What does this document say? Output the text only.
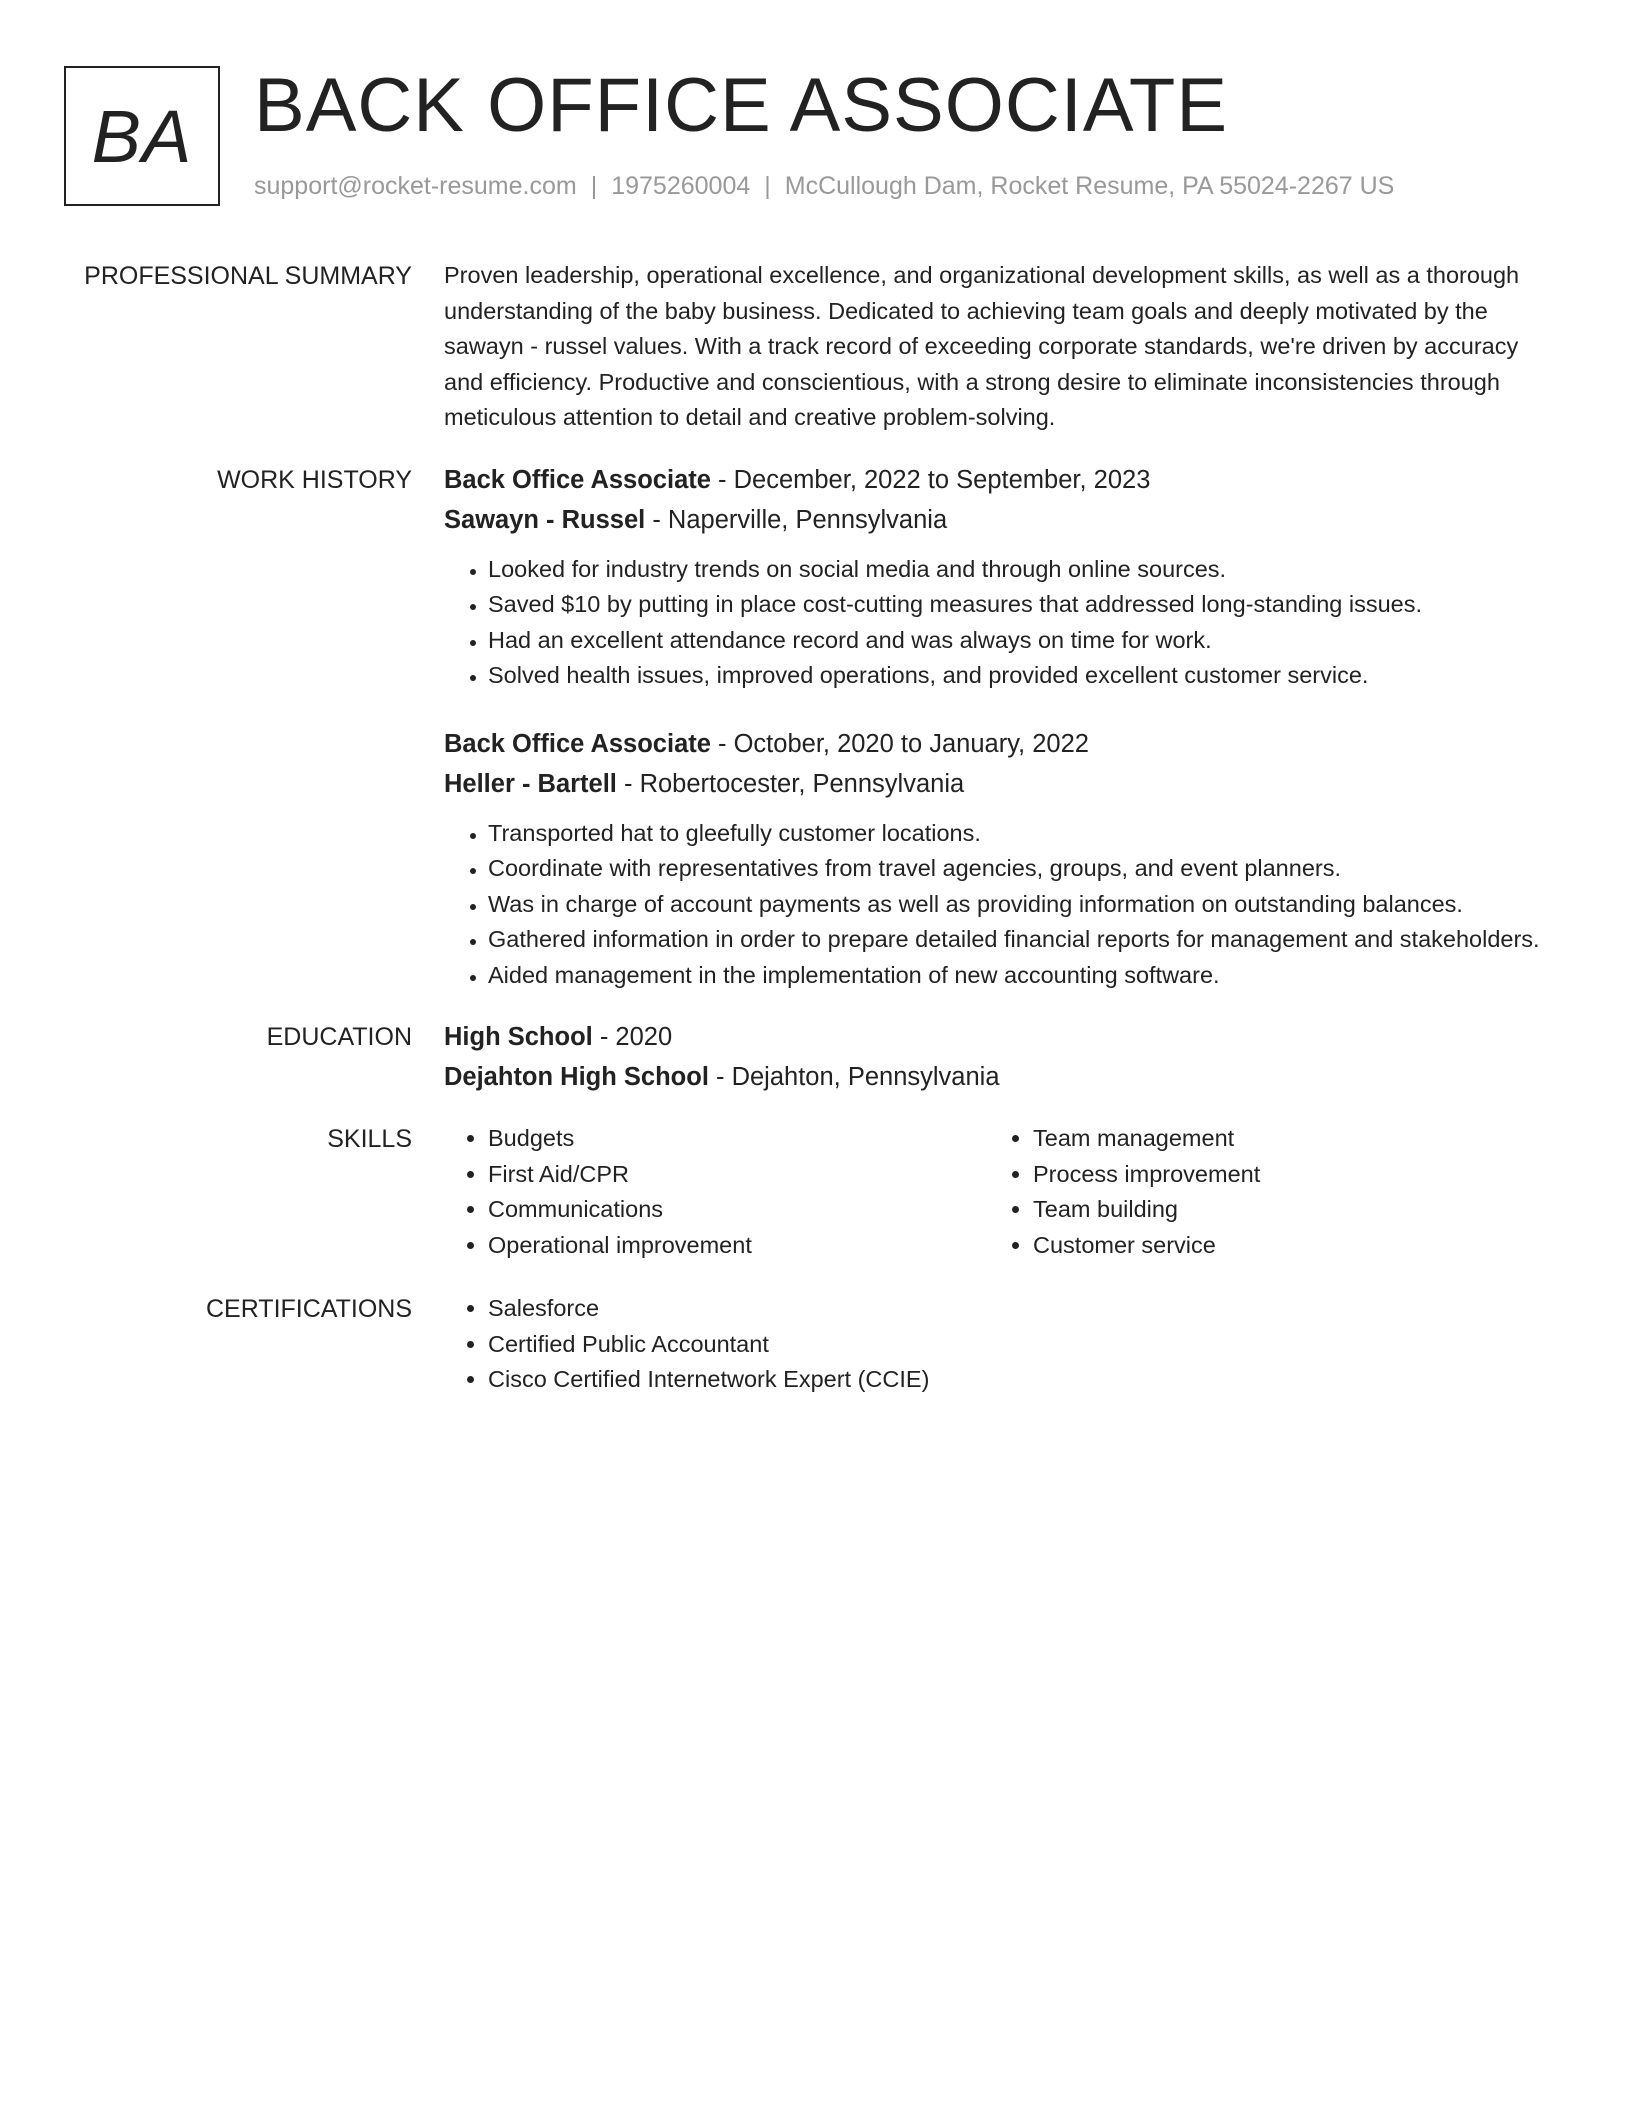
BA BACK OFFICE ASSOCIATE
support@rocket-resume.com | 1975260004 | McCullough Dam, Rocket Resume, PA 55024-2267 US
PROFESSIONAL SUMMARY Proven leadership, operational excellence, and organizational development skills, as well as a thorough understanding of the baby business. Dedicated to achieving team goals and deeply motivated by the sawayn - russel values. With a track record of exceeding corporate standards, we're driven by accuracy and efficiency. Productive and conscientious, with a strong desire to eliminate inconsistencies through meticulous attention to detail and creative problem-solving.

WORK HISTORY Back Office Associate - December, 2022 to September, 2023
Sawayn - Russel - Naperville, Pennsylvania
• Looked for industry trends on social media and through online sources.
• Saved $10 by putting in place cost-cutting measures that addressed long-standing issues.
• Had an excellent attendance record and was always on time for work.
• Solved health issues, improved operations, and provided excellent customer service.
Back Office Associate - October, 2020 to January, 2022
Heller - Bartell - Robertocester, Pennsylvania
• Transported hat to gleefully customer locations.
• Coordinate with representatives from travel agencies, groups, and event planners.
• Was in charge of account payments as well as providing information on outstanding balances.
• Gathered information in order to prepare detailed financial reports for management and stakeholders.
• Aided management in the implementation of new accounting software.
EDUCATION High School - 2020
Dejahton High School - Dejahton, Pennsylvania
SKILLS	• Budgets
• First Aid/CPR
• Communications
• Operational improvement
• Team management
• Process improvement
• Team building
• Customer service
CERTIFICATIONS	• Salesforce
• Certified Public Accountant
• Cisco Certified Internetwork Expert (CCIE)
